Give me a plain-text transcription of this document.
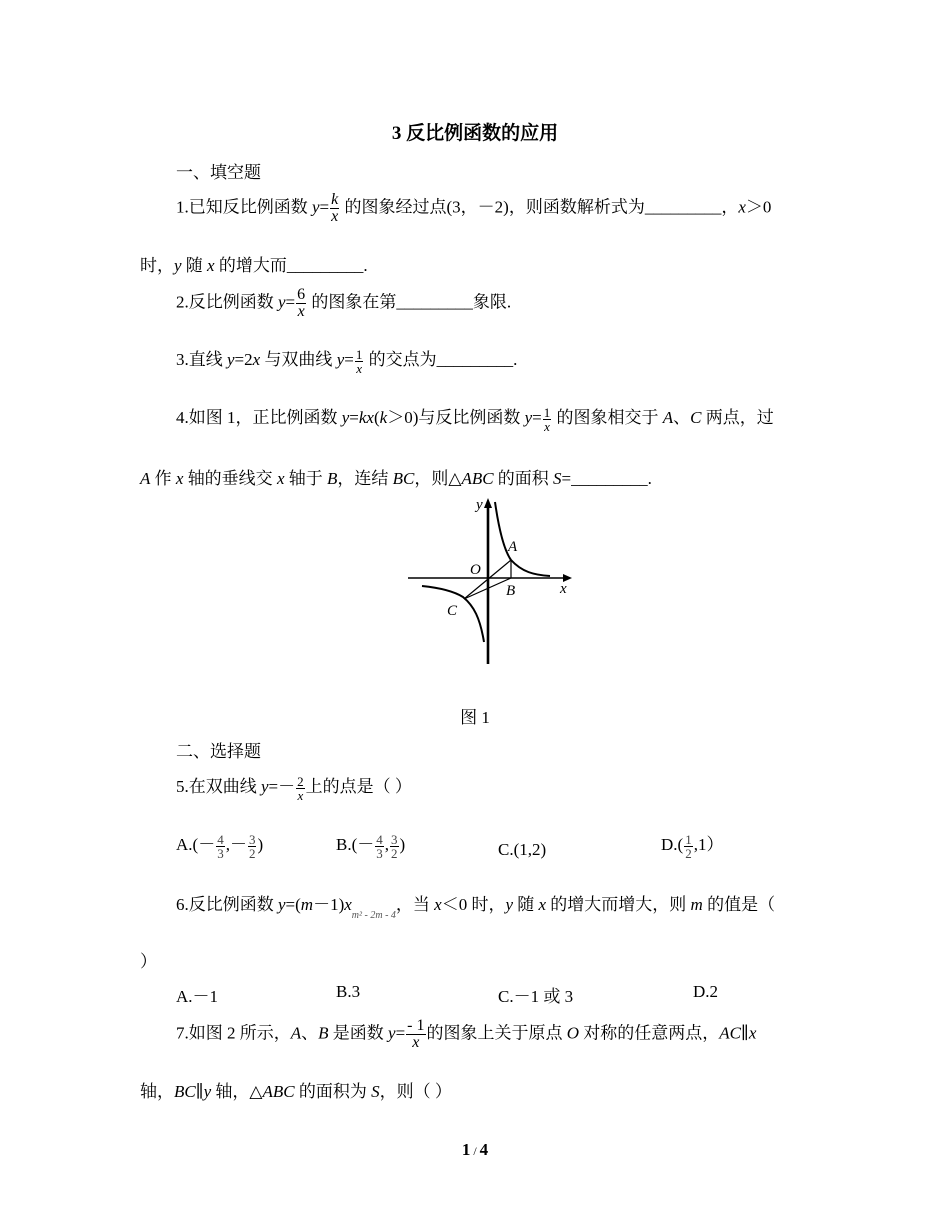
3 反比例函数的应用
一、填空题
1.已知反比例函数 $y= \frac{k}{x}$ 的图象经过点(3，－2)，则函数解析式为_________，x＞0
时，y 随 x 的增大而_________.
2.反比例函数 $y= \frac{6}{x}$ 的图象在第_________象限.
3.直线 y=2x 与双曲线 $y= \frac{1}{x}$ 的交点为_________.
4.如图 1，正比例函数 y=kx(k＞0)与反比例函数 $y= \frac{1}{x}$ 的图象相交于 A、C 两点，过
A 作 x 轴的垂线交 x 轴于 B，连结 BC，则△ABC 的面积 S=_________.
y
x
O
A
B
C
图 1
二、选择题
5.在双曲线 $y=- \frac{2}{x}$ 上的点是（ ）
$A.(- \frac{4}{3}$ ,－ $\frac{3}{2}$ )	$B.(- \frac{4}{3}$ , $\frac{3}{2}$ )	C.(1,2)	$D.( \frac{1}{2} ,1)$
6.反比例函数 $y=(m-1)x_{m^2 - 2m - 4}$，当 x＜0 时，y 随 x 的增大而增大，则 m 的值是（
）
A.－1	B.3	C.－1 或 3	D.2
7.如图 2 所示，A、B 是函数 $y= \frac{- 1}{x}$ 的图象上关于原点 O 对称的任意两点，AC∥x
轴，BC∥y 轴，△ABC 的面积为 S，则（ ）
1 / 4
